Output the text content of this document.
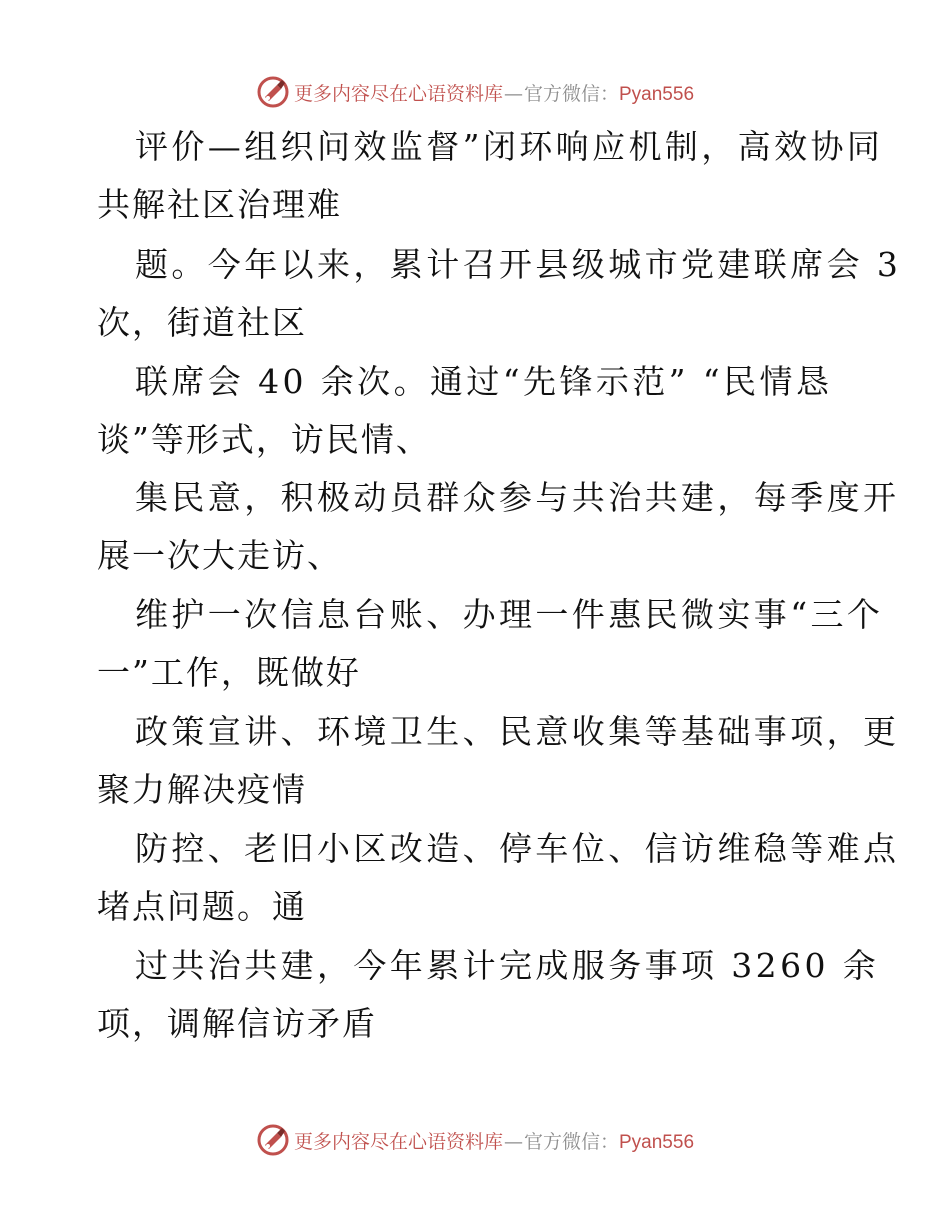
更多内容尽在心语资料库 — 官方微信： Pyan556

评价—组织问效监督”闭环响应机制，高效协同
共解社区治理难

题。今年以来，累计召开县级城市党建联席会 3
次，街道社区

联席会 40 余次。通过“先锋示范” “民情恳
谈”等形式，访民情、

集民意，积极动员群众参与共治共建，每季度开
展一次大走访、

维护一次信息台账、办理一件惠民微实事“三个
一”工作，既做好

政策宣讲、环境卫生、民意收集等基础事项，更
聚力解决疫情

防控、老旧小区改造、停车位、信访维稳等难点
堵点问题。通

过共治共建，今年累计完成服务事项 3260 余
项，调解信访矛盾

更多内容尽在心语资料库 — 官方微信： Pyan556
